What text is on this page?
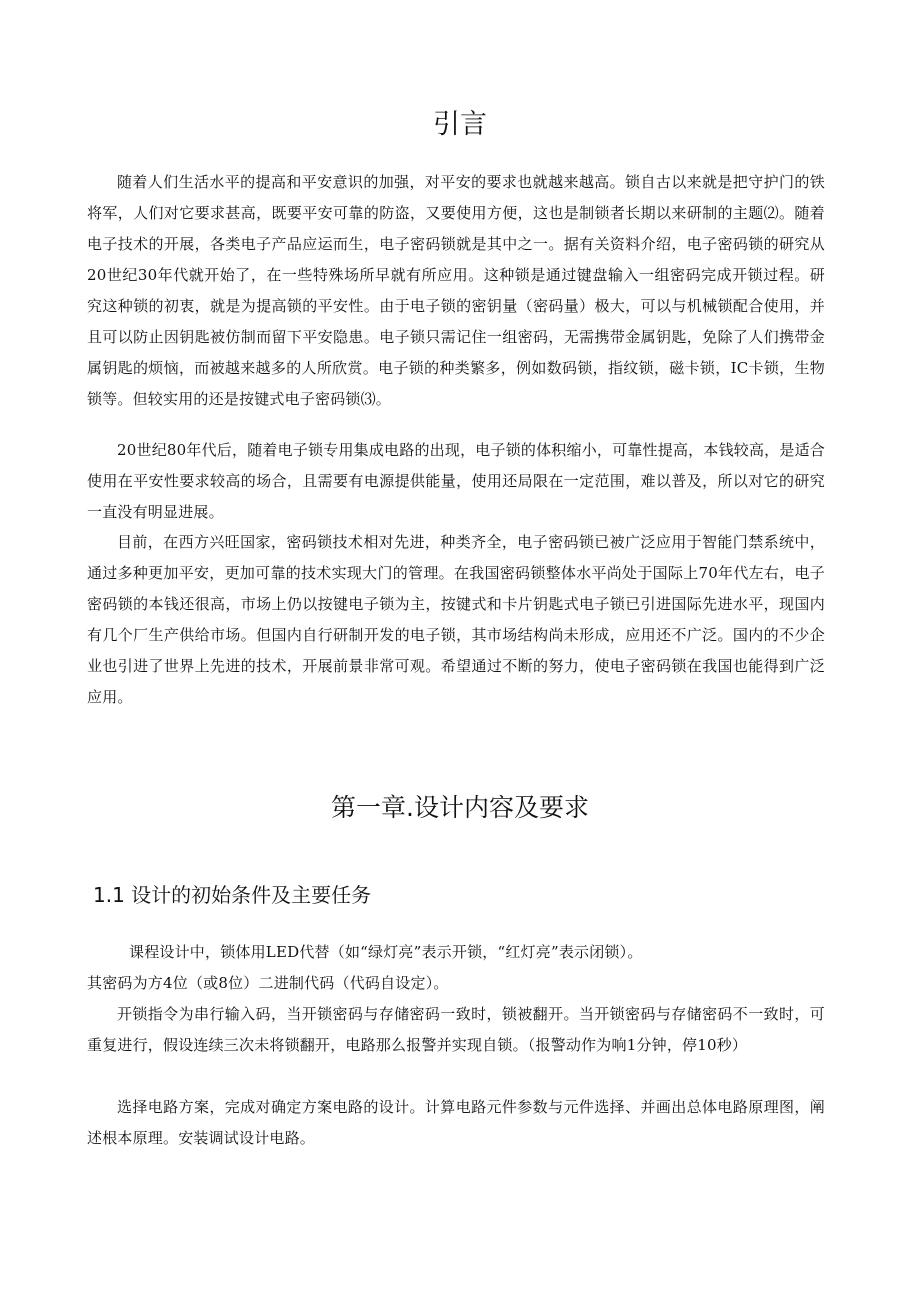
引言

随着人们生活水平的提高和平安意识的加强，对平安的要求也就越来越高。锁自古以来就是把守护门的铁将军，人们对它要求甚高，既要平安可靠的防盗，又要使用方便，这也是制锁者长期以来研制的主题⑵。随着电子技术的开展，各类电子产品应运而生，电子密码锁就是其中之一。据有关资料介绍，电子密码锁的研究从20世纪30年代就开始了，在一些特殊场所早就有所应用。这种锁是通过键盘输入一组密码完成开锁过程。研究这种锁的初衷，就是为提高锁的平安性。由于电子锁的密钥量（密码量）极大，可以与机械锁配合使用，并且可以防止因钥匙被仿制而留下平安隐患。电子锁只需记住一组密码，无需携带金属钥匙，免除了人们携带金属钥匙的烦恼，而被越来越多的人所欣赏。电子锁的种类繁多，例如数码锁，指纹锁，磁卡锁，IC卡锁，生物锁等。但较实用的还是按键式电子密码锁⑶。

20世纪80年代后，随着电子锁专用集成电路的出现，电子锁的体积缩小，可靠性提高，本钱较高，是适合使用在平安性要求较高的场合，且需要有电源提供能量，使用还局限在一定范围，难以普及，所以对它的研究一直没有明显进展。

目前，在西方兴旺国家，密码锁技术相对先进，种类齐全，电子密码锁已被广泛应用于智能门禁系统中，通过多种更加平安，更加可靠的技术实现大门的管理。在我国密码锁整体水平尚处于国际上70年代左右，电子密码锁的本钱还很高，市场上仍以按键电子锁为主，按键式和卡片钥匙式电子锁已引进国际先进水平，现国内有几个厂生产供给市场。但国内自行研制开发的电子锁，其市场结构尚未形成，应用还不广泛。国内的不少企业也引进了世界上先进的技术，开展前景非常可观。希望通过不断的努力，使电子密码锁在我国也能得到广泛应用。

第一章.设计内容及要求
1.1 设计的初始条件及主要任务

课程设计中，锁体用LED代替（如“绿灯亮”表示开锁，“红灯亮”表示闭锁）。

其密码为方4位（或8位）二进制代码（代码自设定）。

开锁指令为串行输入码，当开锁密码与存储密码一致时，锁被翻开。当开锁密码与存储密码不一致时，可重复进行，假设连续三次未将锁翻开，电路那么报警并实现自锁。（报警动作为响1分钟，停10秒）

选择电路方案，完成对确定方案电路的设计。计算电路元件参数与元件选择、并画出总体电路原理图，阐述根本原理。安装调试设计电路。
